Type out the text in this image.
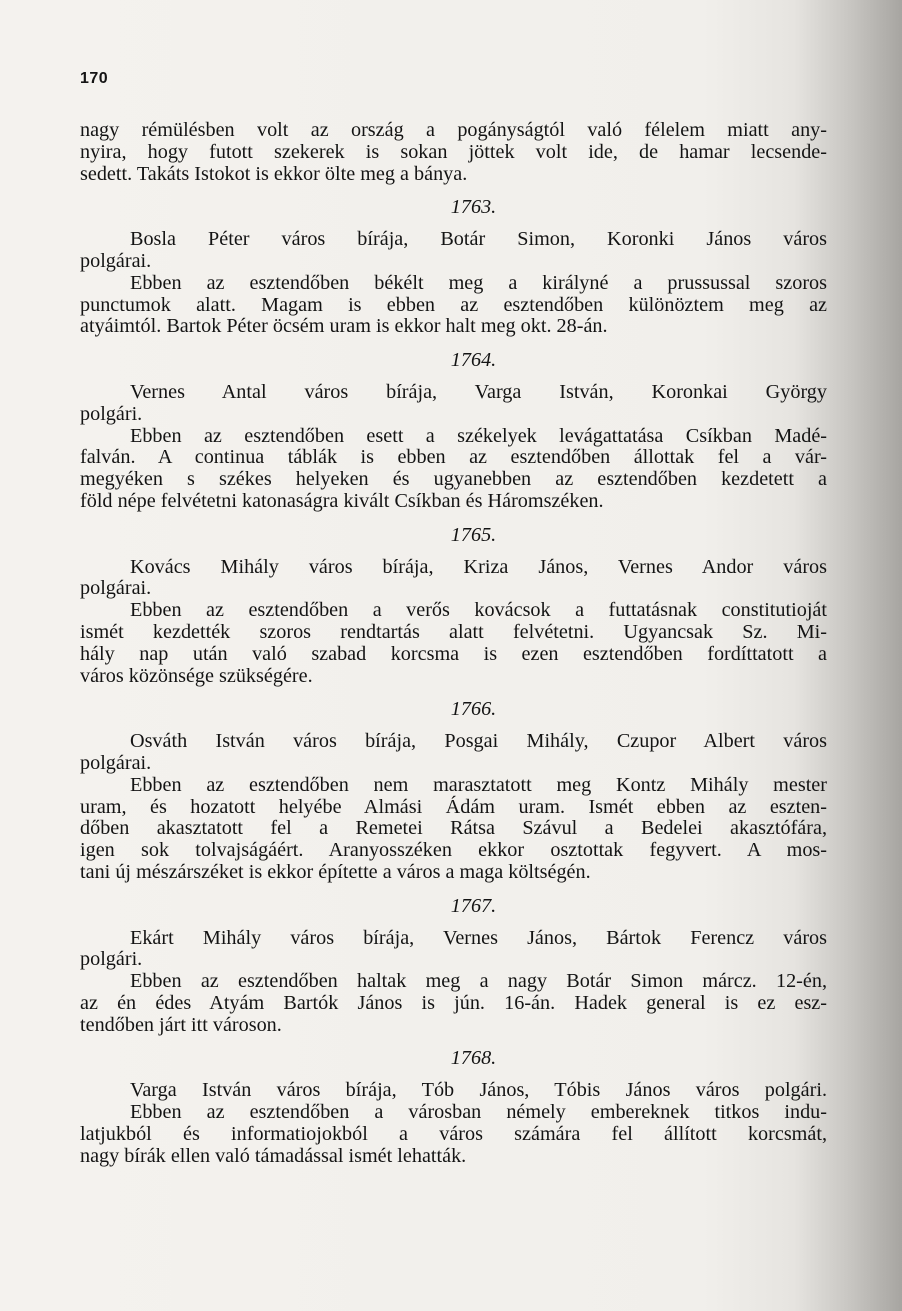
170
nagy rémülésben volt az ország a pogányságtól való félelem miatt any-
nyira, hogy futott szekerek is sokan jöttek volt ide, de hamar lecsende-
sedett. Takáts Istokot is ekkor ölte meg a bánya.
1763.
Bosla Péter város bírája, Botár Simon, Koronki János város
polgárai.
Ebben az esztendőben békélt meg a királyné a prussussal szoros
punctumok alatt. Magam is ebben az esztendőben különöztem meg az
atyáimtól. Bartok Péter öcsém uram is ekkor halt meg okt. 28-án.
1764.
Vernes Antal város bírája, Varga István, Koronkai György
polgári.
Ebben az esztendőben esett a székelyek levágattatása Csíkban Madé-
falván. A continua táblák is ebben az esztendőben állottak fel a vár-
megyéken s székes helyeken és ugyanebben az esztendőben kezdetett a
föld népe felvétetni katonaságra kivált Csíkban és Háromszéken.
1765.
Kovács Mihály város bírája, Kriza János, Vernes Andor város
polgárai.
Ebben az esztendőben a verős kovácsok a futtatásnak constitutioját
ismét kezdették szoros rendtartás alatt felvétetni. Ugyancsak Sz. Mi-
hály nap után való szabad korcsma is ezen esztendőben fordíttatott a
város közönsége szükségére.
1766.
Osváth István város bírája, Posgai Mihály, Czupor Albert város
polgárai.
Ebben az esztendőben nem marasztatott meg Kontz Mihály mester
uram, és hozatott helyébe Almási Ádám uram. Ismét ebben az eszten-
dőben akasztatott fel a Remetei Rátsa Szávul a Bedelei akasztófára,
igen sok tolvajságáért. Aranyosszéken ekkor osztottak fegyvert. A mos-
tani új mészárszéket is ekkor építette a város a maga költségén.
1767.
Ekárt Mihály város bírája, Vernes János, Bártok Ferencz város
polgári.
Ebben az esztendőben haltak meg a nagy Botár Simon márcz. 12-én,
az én édes Atyám Bartók János is jún. 16-án. Hadek general is ez esz-
tendőben járt itt városon.
1768.
Varga István város bírája, Tób János, Tóbis János város polgári.
Ebben az esztendőben a városban némely embereknek titkos indu-
latjukból és informatiojokból a város számára fel állított korcsmát,
nagy bírák ellen való támadással ismét lehatták.
